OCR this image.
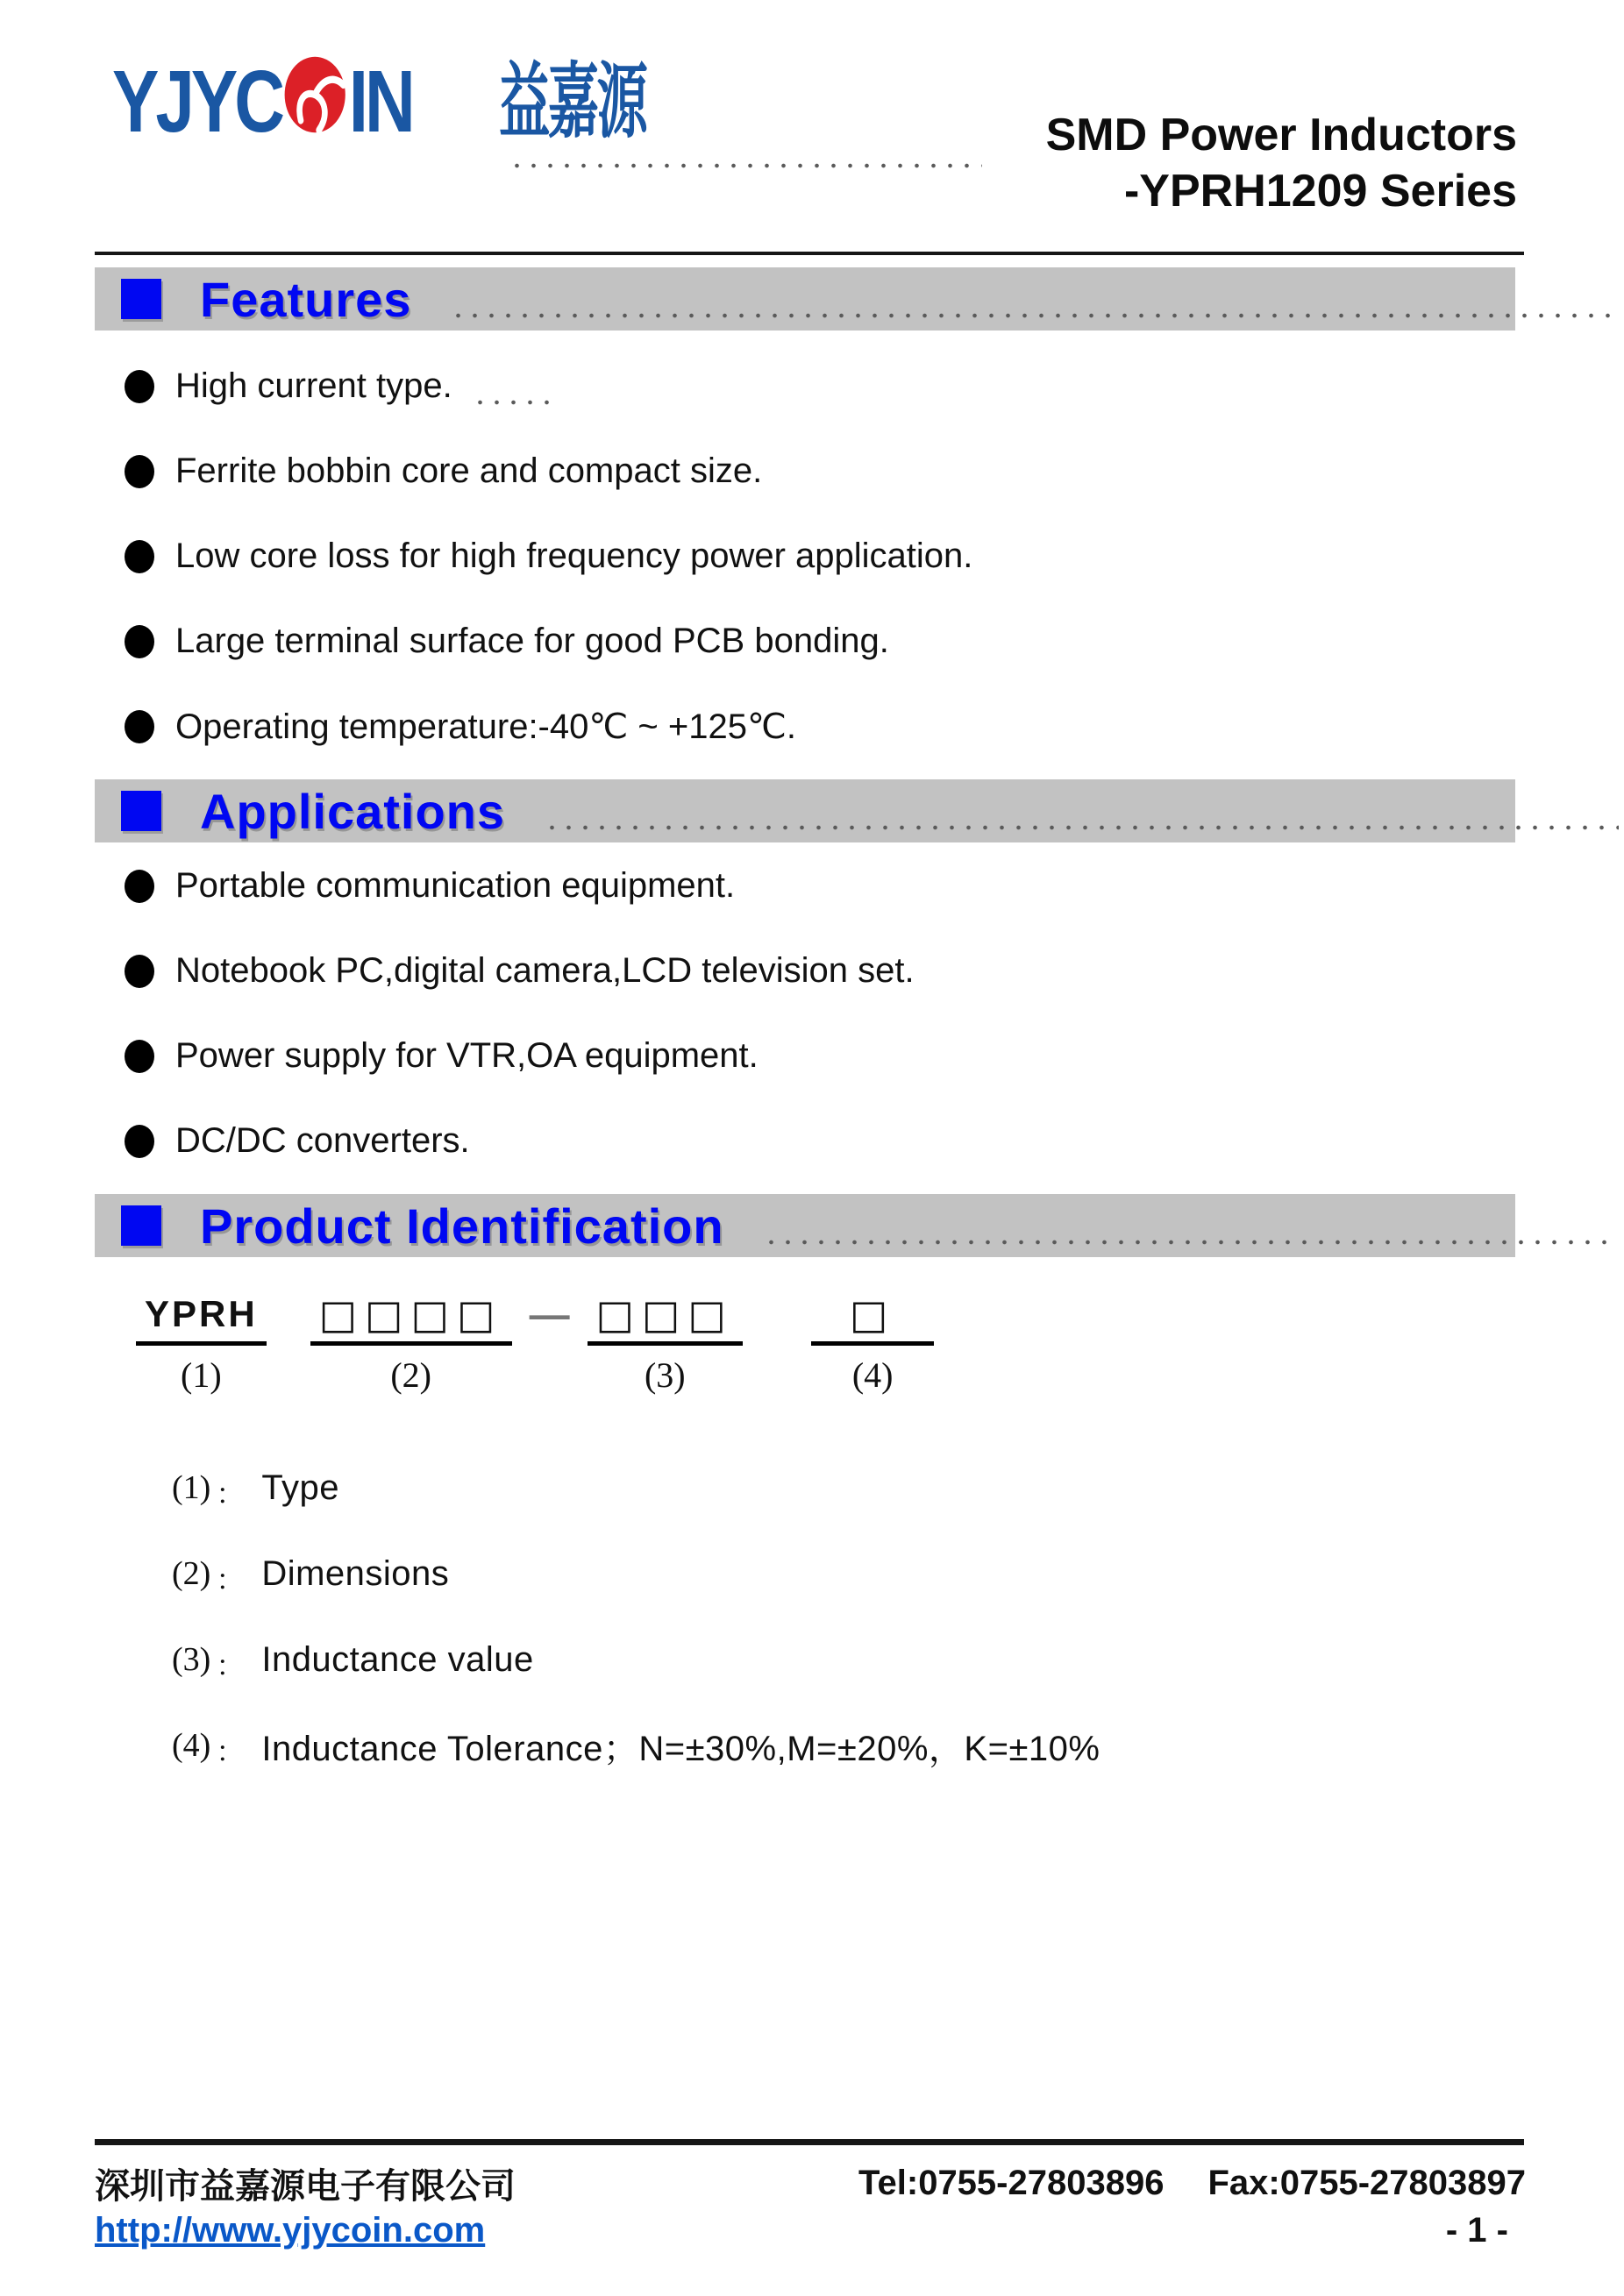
YJYC IN 益嘉源	SMD Power Inductors
-YPRH1209 Series
Features
High current type.
Ferrite bobbin core and compact size.
Low core loss for high frequency power application.
Large terminal surface for good PCB bonding.
Operating temperature:-40℃ ~ +125℃.
Applications
Portable communication equipment.
Notebook PC,digital camera,LCD television set.
Power supply for VTR,OA equipment.
DC/DC converters.
Product Identification
YPRH
(1)
□□□□
(2)
— □□□
(3)
□
(4)
(1) ： Type
(2) ： Dimensions
(3) ： Inductance value
(4) ： Inductance Tolerance；N=±30%,M=±20%，K=±10%
深圳市益嘉源电子有限公司	Tel:0755-27803896 Fax:0755-27803897
http://www.yjycoin.com	- 1 -
